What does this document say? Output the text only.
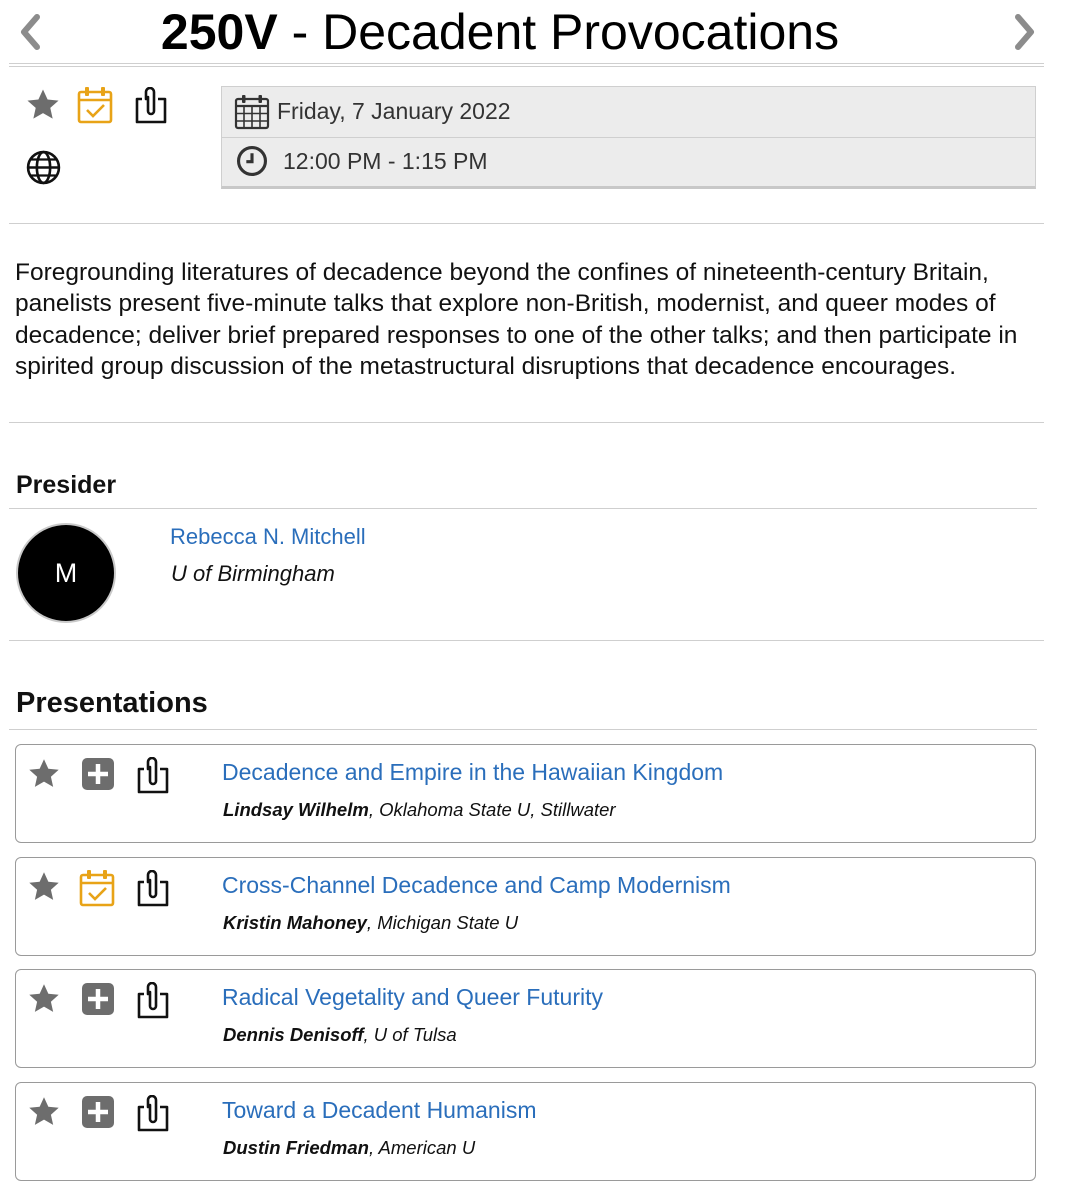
250V - Decadent Provocations
Friday, 7 January 2022
12:00 PM - 1:15 PM
Foregrounding literatures of decadence beyond the confines of nineteenth-century Britain, panelists present five-minute talks that explore non-British, modernist, and queer modes of decadence; deliver brief prepared responses to one of the other talks; and then participate in spirited group discussion of the metastructural disruptions that decadence encourages.
Presider
M
Rebecca N. Mitchell
U of Birmingham
Presentations
Decadence and Empire in the Hawaiian Kingdom
Lindsay Wilhelm, Oklahoma State U, Stillwater
Cross-Channel Decadence and Camp Modernism
Kristin Mahoney, Michigan State U
Radical Vegetality and Queer Futurity
Dennis Denisoff, U of Tulsa
Toward a Decadent Humanism
Dustin Friedman, American U
